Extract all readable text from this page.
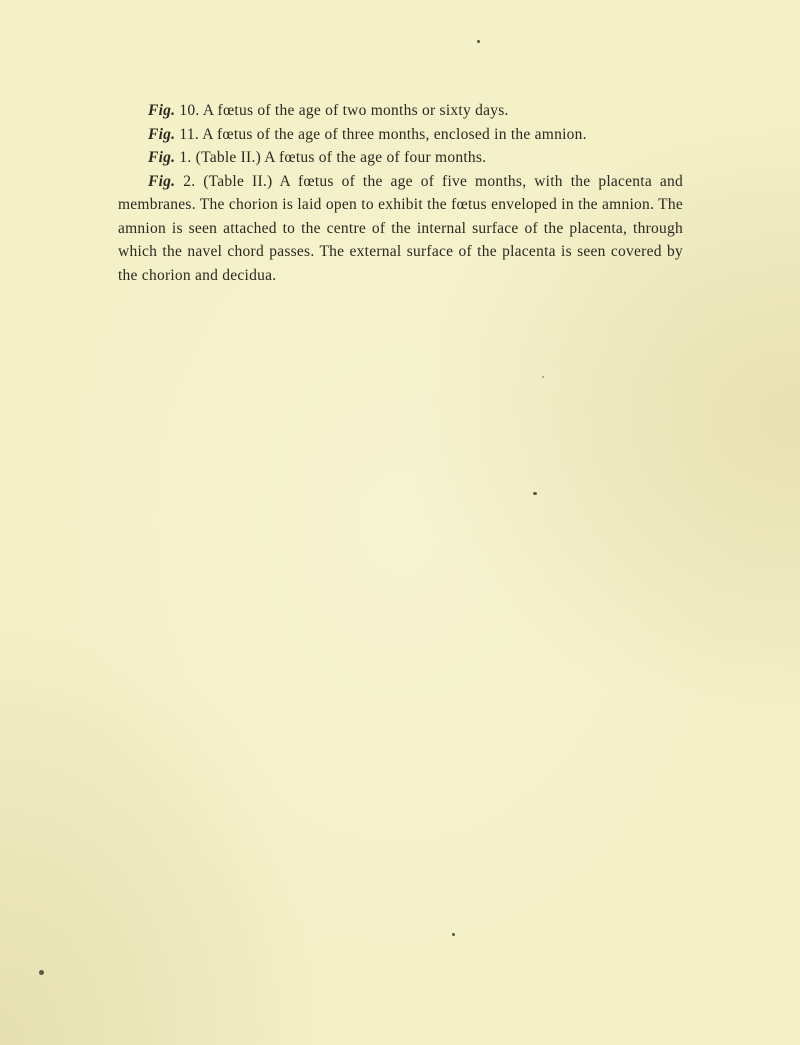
Fig. 10. A fœtus of the age of two months or sixty days.

Fig. 11. A fœtus of the age of three months, enclosed in the amnion.

Fig. 1. (Table II.) A fœtus of the age of four months.

Fig. 2. (Table II.) A fœtus of the age of five months, with the placenta and membranes. The chorion is laid open to exhibit the fœtus enveloped in the amnion. The amnion is seen attached to the centre of the internal surface of the placenta, through which the navel chord passes. The external surface of the placenta is seen covered by the chorion and decidua.
